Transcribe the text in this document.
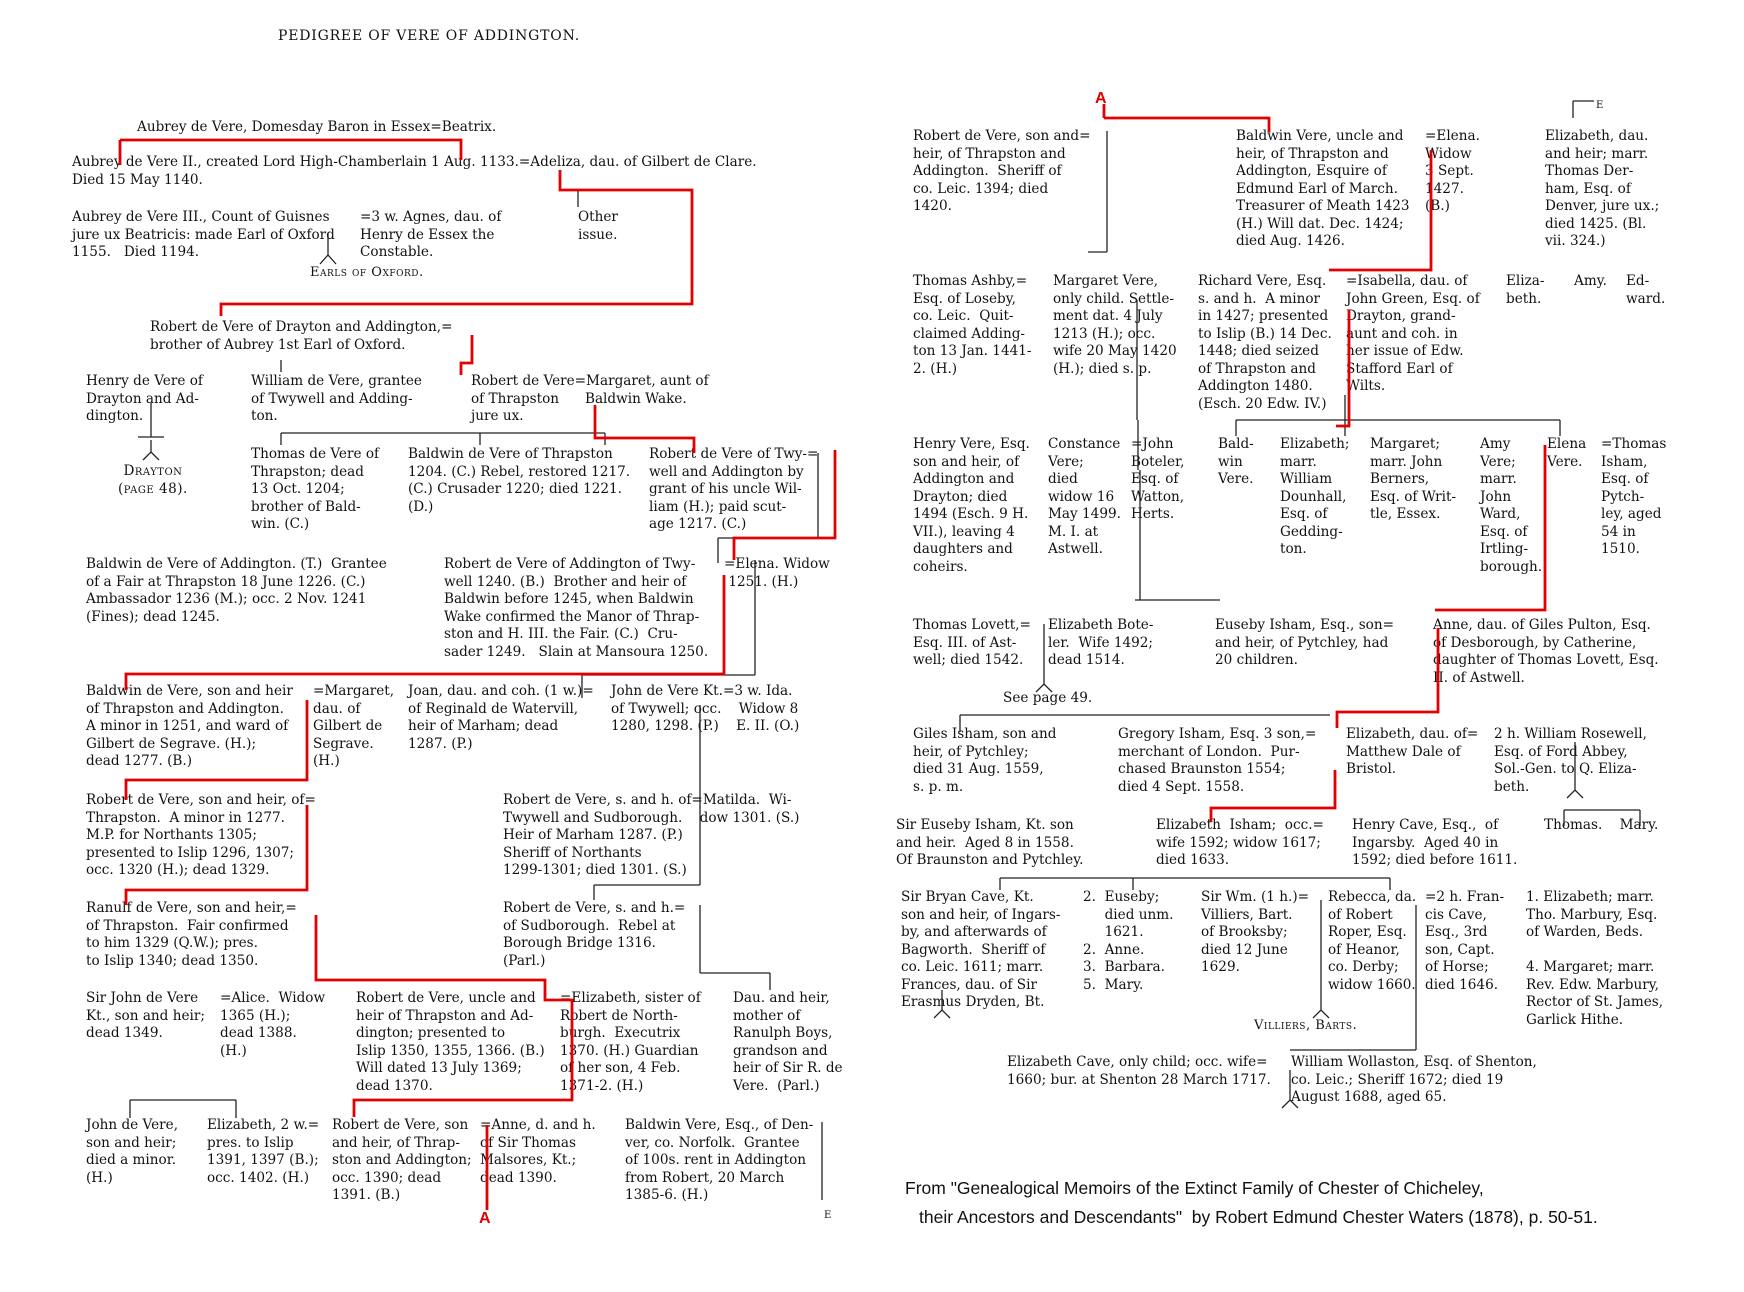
PEDIGREE OF VERE OF ADDINGTON.
Aubrey de Vere, Domesday Baron in Essex=Beatrix.
Aubrey de Vere II., created Lord High-Chamberlain 1 Aug. 1133.=Adeliza, dau. of Gilbert de Clare.
Died 15 May 1140.
Aubrey de Vere III., Count of Guisnes
jure ux Beatricis: made Earl of Oxford
1155.   Died 1194.
=3 w. Agnes, dau. of
Henry de Essex the
Constable.
Earls of Oxford.
Other
issue.
Robert de Vere of Drayton and Addington,=
brother of Aubrey 1st Earl of Oxford.
Henry de Vere of
Drayton and Ad-
dington.
Drayton
(page 48).
William de Vere, grantee
of Twywell and Adding-
ton.
Robert de Vere=Margaret, aunt of
of Thrapston      Baldwin Wake.
jure ux.
Thomas de Vere of
Thrapston; dead
13 Oct. 1204;
brother of Bald-
win. (C.)
Baldwin de Vere of Thrapston
1204. (C.) Rebel, restored 1217.
(C.) Crusader 1220; died 1221.
(D.)
Robert de Vere of Twy-=
well and Addington by
grant of his uncle Wil-
liam (H.); paid scut-
age 1217. (C.)
Baldwin de Vere of Addington. (T.)  Grantee
of a Fair at Thrapston 18 June 1226. (C.)
Ambassador 1236 (M.); occ. 2 Nov. 1241
(Fines); dead 1245.
Robert de Vere of Addington of Twy-
well 1240. (B.)  Brother and heir of
Baldwin before 1245, when Baldwin
Wake confirmed the Manor of Thrap-
ston and H. III. the Fair. (C.)  Cru-
sader 1249.   Slain at Mansoura 1250.
=Elena. Widow
1251. (H.)
Baldwin de Vere, son and heir
of Thrapston and Addington.
A minor in 1251, and ward of
Gilbert de Segrave. (H.);
dead 1277. (B.)
=Margaret,
dau. of
Gilbert de
Segrave.
(H.)
Joan, dau. and coh. (1 w.)=
of Reginald de Watervill,
heir of Marham; dead
1287. (P.)
John de Vere Kt.=3 w. Ida.
of Twywell; occ.    Widow 8
1280, 1298. (P.)    E. II. (O.)
Robert de Vere, son and heir, of=
Thrapston.  A minor in 1277.
M.P. for Northants 1305;
presented to Islip 1296, 1307;
occ. 1320 (H.); dead 1329.
Robert de Vere, s. and h. of=Matilda.  Wi-
Twywell and Sudborough.    dow 1301. (S.)
Heir of Marham 1287. (P.)
Sheriff of Northants
1299-1301; died 1301. (S.)
Ranulf de Vere, son and heir,=
of Thrapston.  Fair confirmed
to him 1329 (Q.W.); pres.
to Islip 1340; dead 1350.
Robert de Vere, s. and h.=
of Sudborough.  Rebel at
Borough Bridge 1316.
(Parl.)
Sir John de Vere
Kt., son and heir;
dead 1349.
=Alice.  Widow
1365 (H.);
dead 1388.
(H.)
Robert de Vere, uncle and
heir of Thrapston and Ad-
dington; presented to
Islip 1350, 1355, 1366. (B.)
Will dated 13 July 1369;
dead 1370.
=Elizabeth, sister of
Robert de North-
burgh.  Executrix
1370. (H.) Guardian
of her son, 4 Feb.
1371-2. (H.)
Dau. and heir,
mother of
Ranulph Boys,
grandson and
heir of Sir R. de
Vere.  (Parl.)
John de Vere,
son and heir;
died a minor.
(H.)
Elizabeth, 2 w.=
pres. to Islip
1391, 1397 (B.);
occ. 1402. (H.)
Robert de Vere, son
and heir, of Thrap-
ston and Addington;
occ. 1390; dead
1391. (B.)
=Anne, d. and h.
of Sir Thomas
Malsores, Kt.;
dead 1390.
Baldwin Vere, Esq., of Den-
ver, co. Norfolk.  Grantee
of 100s. rent in Addington
from Robert, 20 March
1385-6. (H.)
A	E
A	E
Robert de Vere, son and=
heir, of Thrapston and
Addington.  Sheriff of
co. Leic. 1394; died
1420.
Baldwin Vere, uncle and
heir, of Thrapston and
Addington, Esquire of
Edmund Earl of March.
Treasurer of Meath 1423
(H.) Will dat. Dec. 1424;
died Aug. 1426.
=Elena.
Widow
3 Sept.
1427.
(B.)
Elizabeth, dau.
and heir; marr.
Thomas Der-
ham, Esq. of
Denver, jure ux.;
died 1425. (Bl.
vii. 324.)
Thomas Ashby,=
Esq. of Loseby,
co. Leic.  Quit-
claimed Adding-
ton 13 Jan. 1441-
2. (H.)
Margaret Vere,
only child. Settle-
ment dat. 4 July
1213 (H.); occ.
wife 20 May 1420
(H.); died s. p.
Richard Vere, Esq.
s. and h.  A minor
in 1427; presented
to Islip (B.) 14 Dec.
1448; died seized
of Thrapston and
Addington 1480.
(Esch. 20 Edw. IV.)
=Isabella, dau. of
John Green, Esq. of
Drayton, grand-
aunt and coh. in
her issue of Edw.
Stafford Earl of
Wilts.
Eliza-
beth.
Amy. Ed-
ward.
Henry Vere, Esq.
son and heir, of
Addington and
Drayton; died
1494 (Esch. 9 H.
VII.), leaving 4
daughters and
coheirs.
Constance
Vere;
died
widow 16
May 1499.
M. I. at
Astwell.
=John
Boteler,
Esq. of
Watton,
Herts.
Bald-
win
Vere.
Elizabeth;
marr.
William
Dounhall,
Esq. of
Gedding-
ton.
Margaret;
marr. John
Berners,
Esq. of Writ-
tle, Essex.
Amy
Vere;
marr.
John
Ward,
Esq. of
Irtling-
borough.
Elena
Vere.
=Thomas
Isham,
Esq. of
Pytch-
ley, aged
54 in
1510.
Thomas Lovett,=
Esq. III. of Ast-
well; died 1542.
Elizabeth Bote-
ler.  Wife 1492;
dead 1514.
See page 49.
Euseby Isham, Esq., son=
and heir, of Pytchley, had
20 children.
Anne, dau. of Giles Pulton, Esq.
of Desborough, by Catherine,
daughter of Thomas Lovett, Esq.
II. of Astwell.
Giles Isham, son and
heir, of Pytchley;
died 31 Aug. 1559,
s. p. m.
Gregory Isham, Esq. 3 son,=
merchant of London.  Pur-
chased Braunston 1554;
died 4 Sept. 1558.
Elizabeth, dau. of=
Matthew Dale of
Bristol.
2 h. William Rosewell,
Esq. of Ford Abbey,
Sol.-Gen. to Q. Eliza-
beth.
Sir Euseby Isham, Kt. son
and heir.  Aged 8 in 1558.
Of Braunston and Pytchley.
Elizabeth  Isham;  occ.=
wife 1592; widow 1617;
died 1633.
Henry Cave, Esq.,  of
Ingarsby.  Aged 40 in
1592; died before 1611.
Thomas.    Mary.
Sir Bryan Cave, Kt.
son and heir, of Ingars-
by, and afterwards of
Bagworth.  Sheriff of
co. Leic. 1611; marr.
Frances, dau. of Sir
Erasmus Dryden, Bt.
2.  Euseby;
died unm.
1621.
2.  Anne.
3.  Barbara.
5.  Mary.
Sir Wm. (1 h.)=
Villiers, Bart.
of Brooksby;
died 12 June
1629.
Rebecca, da.
of Robert
Roper, Esq.
of Heanor,
co. Derby;
widow 1660.
=2 h. Fran-
cis Cave,
Esq., 3rd
son, Capt.
of Horse;
died 1646.
1. Elizabeth; marr.
Tho. Marbury, Esq.
of Warden, Beds.

4. Margaret; marr.
Rev. Edw. Marbury,
Rector of St. James,
Garlick Hithe.
Villiers, Barts.
Elizabeth Cave, only child; occ. wife=
1660; bur. at Shenton 28 March 1717.
William Wollaston, Esq. of Shenton,
co. Leic.; Sheriff 1672; died 19
August 1688, aged 65.
From "Genealogical Memoirs of the Extinct Family of Chester of Chicheley,
their Ancestors and Descendants"  by Robert Edmund Chester Waters (1878), p. 50-51.
